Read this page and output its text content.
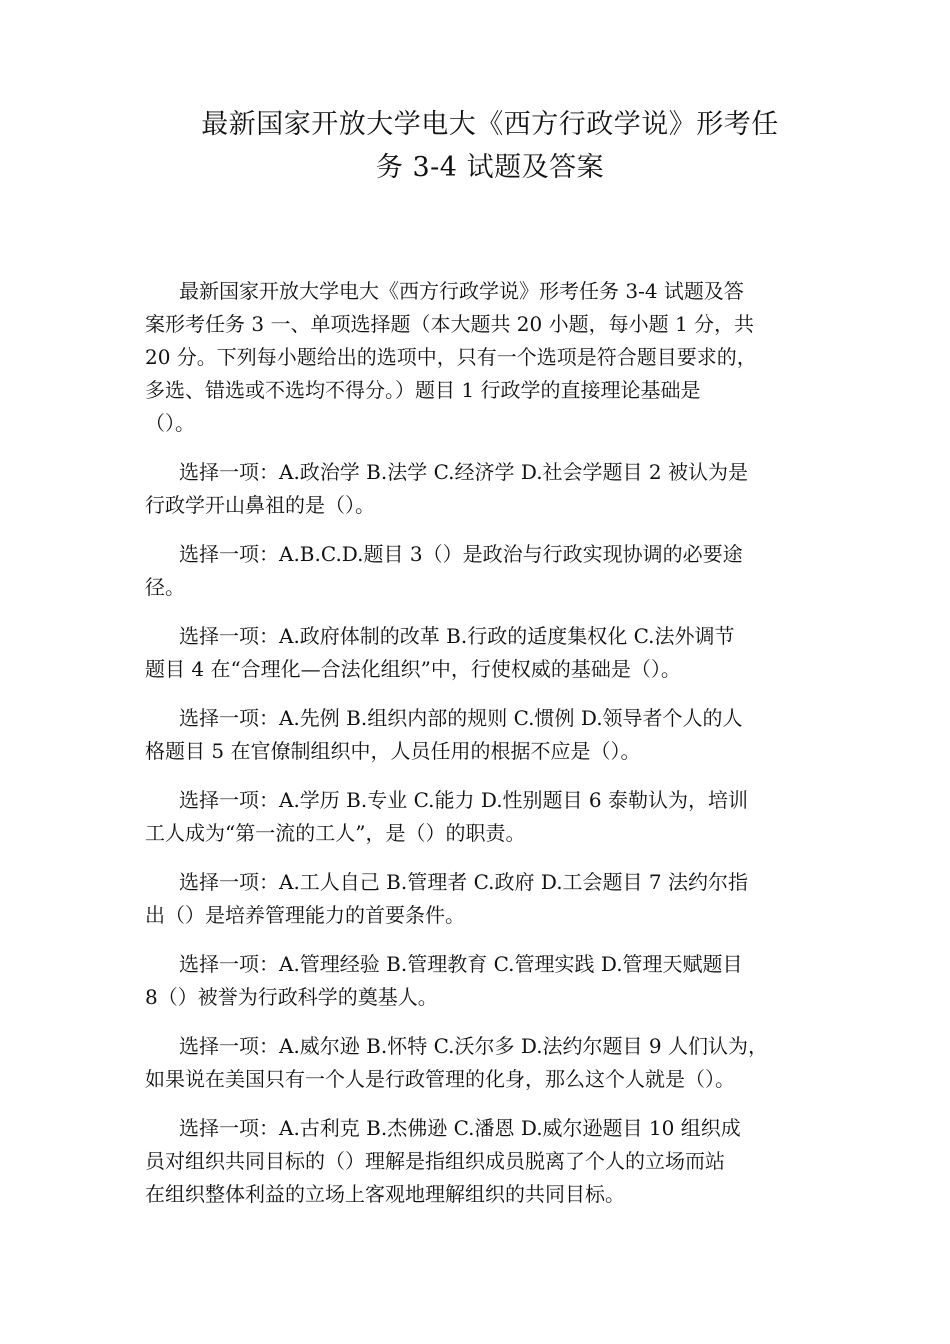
最新国家开放大学电大《西方行政学说》形考任
务 3-4 试题及答案
最新国家开放大学电大《西方行政学说》形考任务 3-4 试题及答
案形考任务 3 一、单项选择题（本大题共 20 小题，每小题 1 分，共
20 分。下列每小题给出的选项中，只有一个选项是符合题目要求的，
多选、错选或不选均不得分。）题目 1 行政学的直接理论基础是
（）。
选择一项：A.政治学 B.法学 C.经济学 D.社会学题目 2 被认为是
行政学开山鼻祖的是（）。
选择一项：A.B.C.D.题目 3（）是政治与行政实现协调的必要途
径。
选择一项：A.政府体制的改革 B.行政的适度集权化 C.法外调节
题目 4 在“合理化—合法化组织”中，行使权威的基础是（）。
选择一项：A.先例 B.组织内部的规则 C.惯例 D.领导者个人的人
格题目 5 在官僚制组织中，人员任用的根据不应是（）。
选择一项：A.学历 B.专业 C.能力 D.性别题目 6 泰勒认为，培训
工人成为“第一流的工人”，是（）的职责。
选择一项：A.工人自己 B.管理者 C.政府 D.工会题目 7 法约尔指
出（）是培养管理能力的首要条件。
选择一项：A.管理经验 B.管理教育 C.管理实践 D.管理天赋题目
8（）被誉为行政科学的奠基人。
选择一项：A.威尔逊 B.怀特 C.沃尔多 D.法约尔题目 9 人们认为，
如果说在美国只有一个人是行政管理的化身，那么这个人就是（）。
选择一项：A.古利克 B.杰佛逊 C.潘恩 D.威尔逊题目 10 组织成
员对组织共同目标的（）理解是指组织成员脱离了个人的立场而站
在组织整体利益的立场上客观地理解组织的共同目标。
